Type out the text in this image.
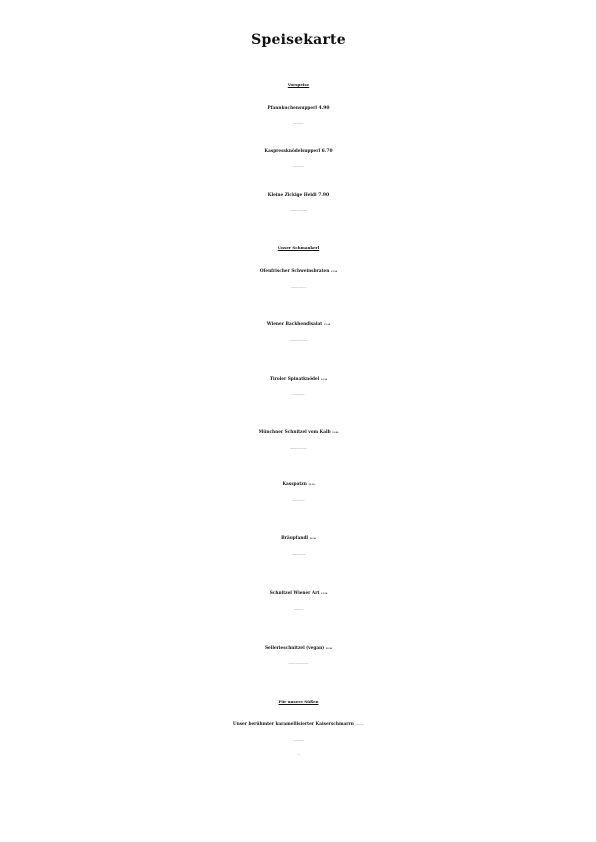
Speisekarte
Vorspeise
Pfannkuchensupperl 4.90
Kaspressknödelsupperl 6.70
Kleine Zickige Heidi 7.90
Unser Schmankerl
Ofenfrischer Schweinsbraten 13.90
Wiener Backhendlsalat 15.40
Tiroler Spinatknödel 14.50
Münchner Schnitzel vom Kalb 19.80
Kasspatzn 13.50
Bräupfandl 16.50
Schnitzel Wiener Art 13.90
Sellerieschnitzel (vegan) 12.90
Für unsere Süßen
Unser berühmter karamellisierter Kaiserschmarrn (dauert a bisserl)
